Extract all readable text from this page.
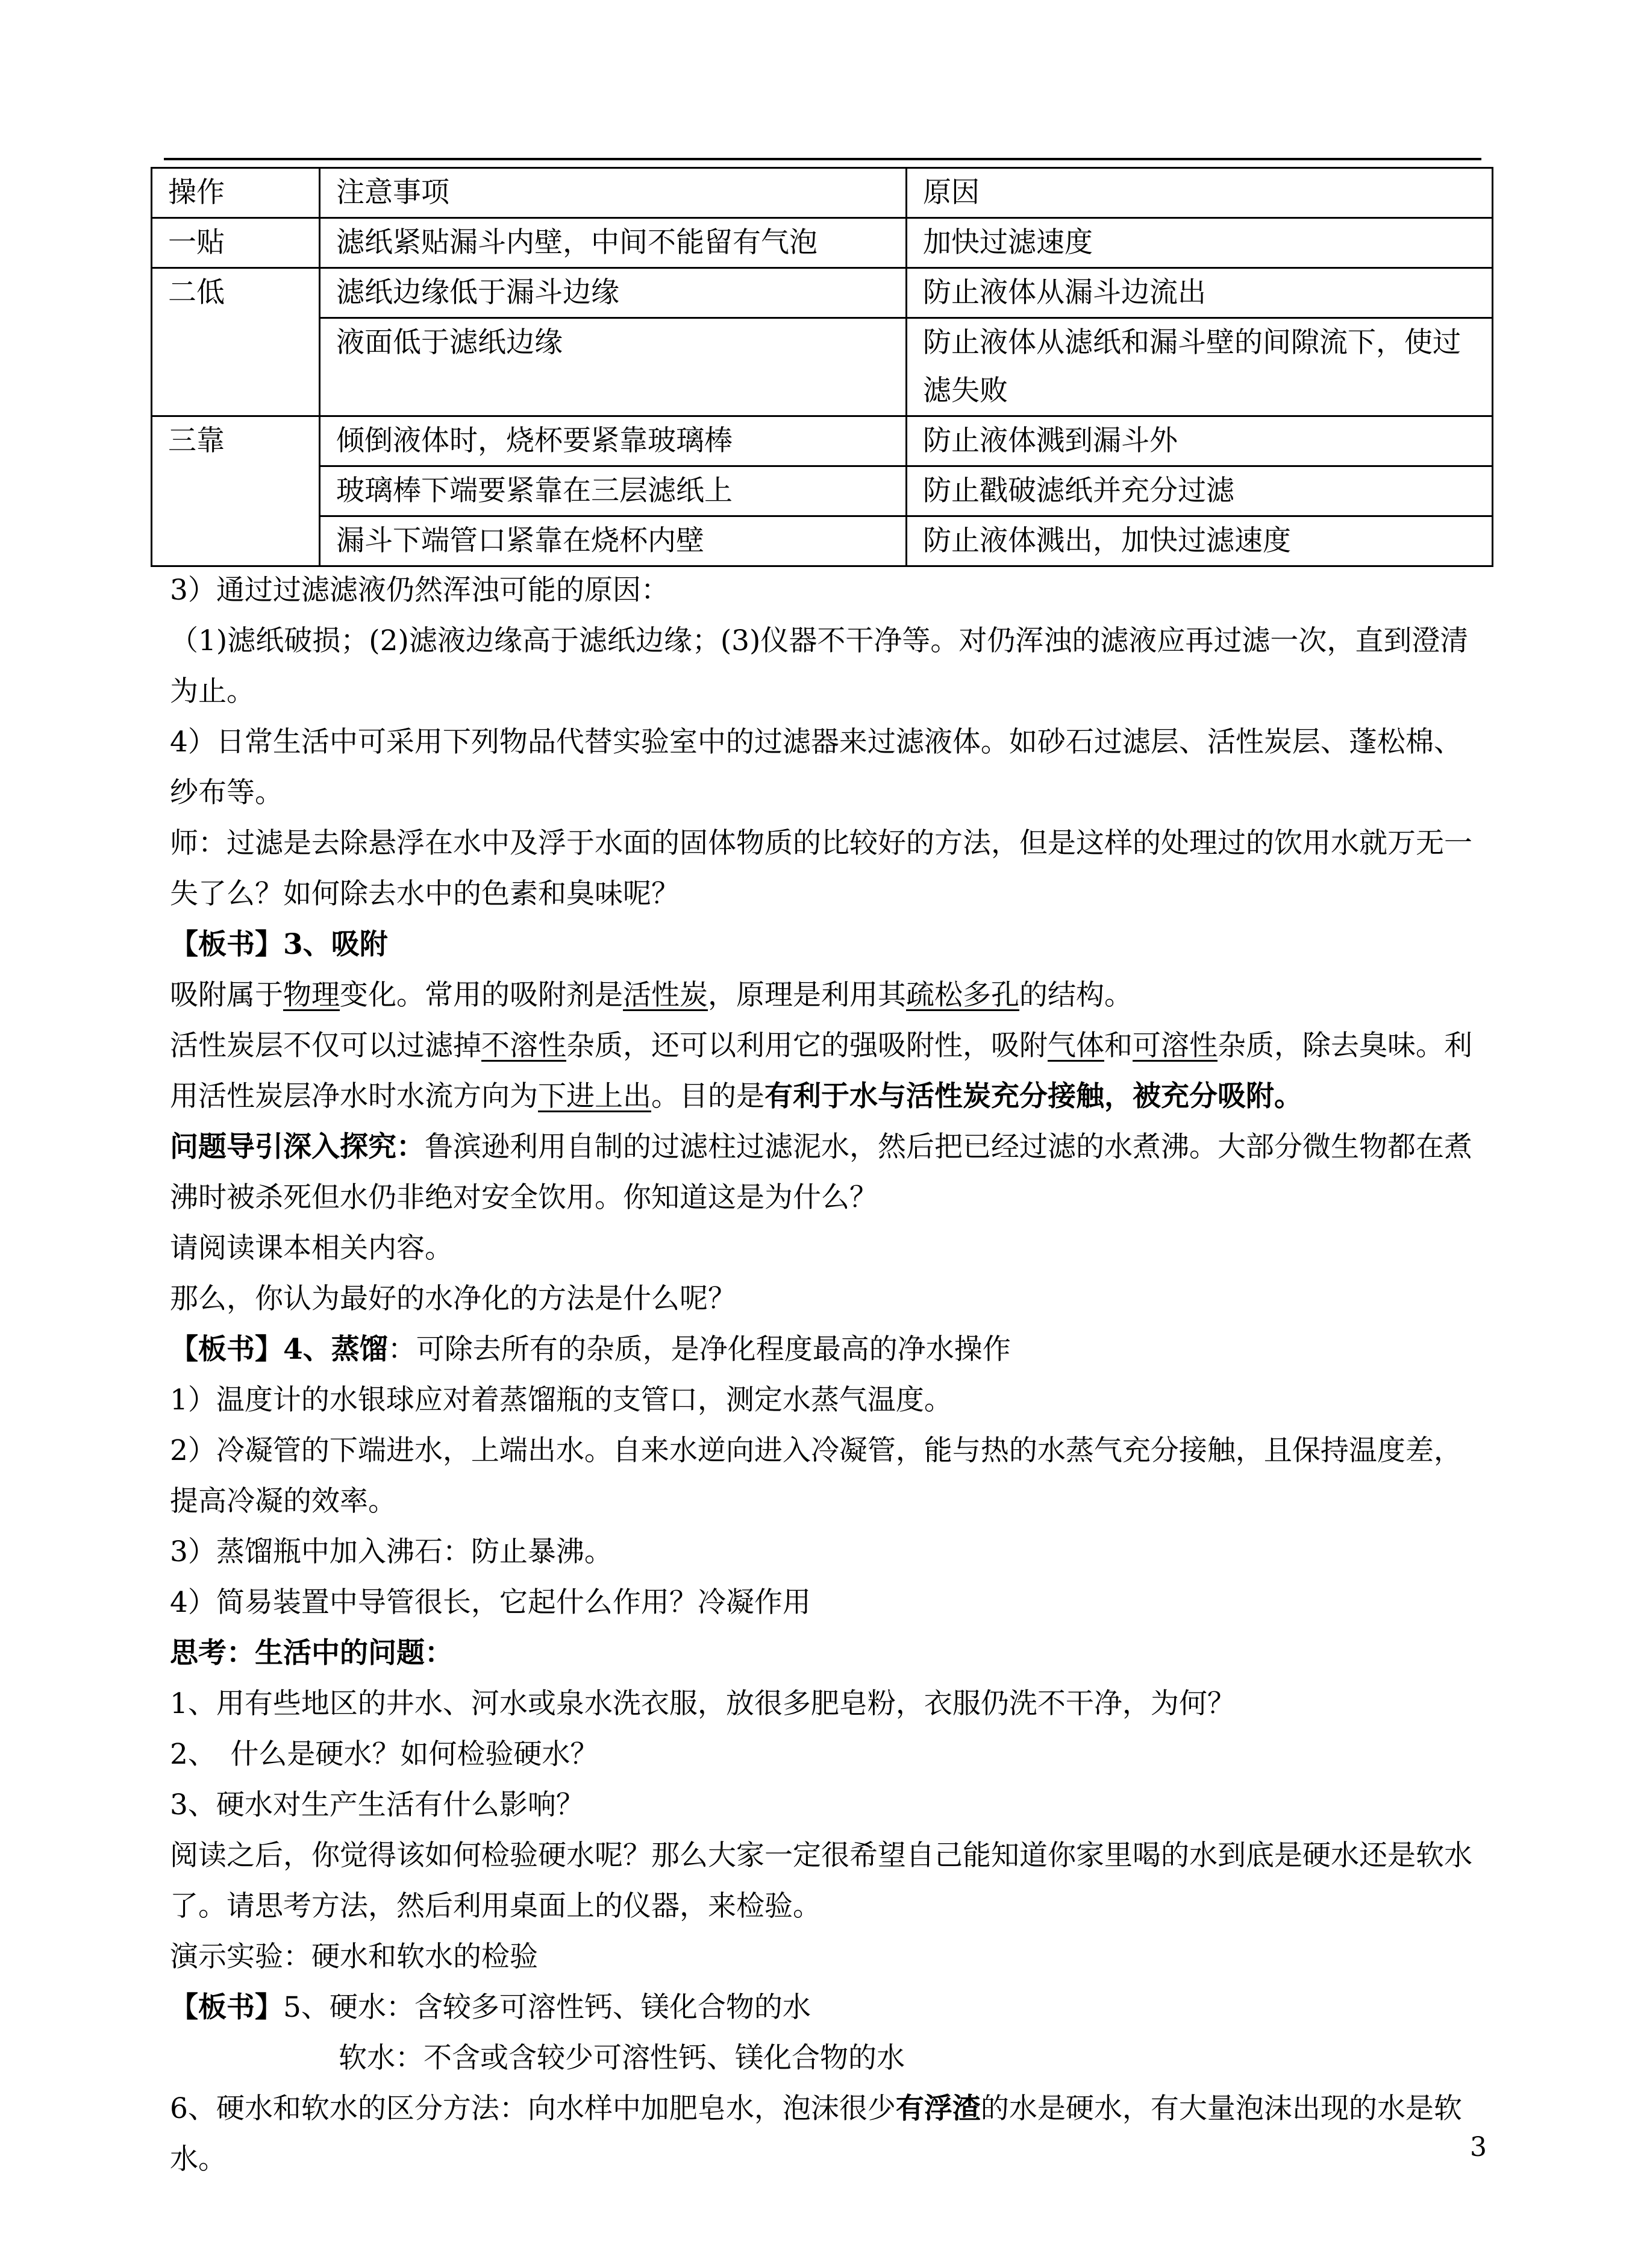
操作	注意事项	原因
一贴	滤纸紧贴漏斗内壁，中间不能留有气泡	加快过滤速度
二低	滤纸边缘低于漏斗边缘	防止液体从漏斗边流出
	液面低于滤纸边缘	防止液体从滤纸和漏斗壁的间隙流下，使过滤失败
三靠	倾倒液体时，烧杯要紧靠玻璃棒	防止液体溅到漏斗外
	玻璃棒下端要紧靠在三层滤纸上	防止戳破滤纸并充分过滤
	漏斗下端管口紧靠在烧杯内壁	防止液体溅出，加快过滤速度

3）通过过滤滤液仍然浑浊可能的原因：

（1)滤纸破损；(2)滤液边缘高于滤纸边缘；(3)仪器不干净等。对仍浑浊的滤液应再过滤一次，直到澄清为止。

4）日常生活中可采用下列物品代替实验室中的过滤器来过滤液体。如砂石过滤层、活性炭层、蓬松棉、纱布等。

师：过滤是去除悬浮在水中及浮于水面的固体物质的比较好的方法，但是这样的处理过的饮用水就万无一失了么？如何除去水中的色素和臭味呢？

【板书】3、吸附

吸附属于物理变化。常用的吸附剂是活性炭，原理是利用其疏松多孔的结构。

活性炭层不仅可以过滤掉不溶性杂质，还可以利用它的强吸附性，吸附气体和可溶性杂质，除去臭味。利用活性炭层净水时水流方向为下进上出。目的是有利于水与活性炭充分接触，被充分吸附。

问题导引深入探究：鲁滨逊利用自制的过滤柱过滤泥水，然后把已经过滤的水煮沸。大部分微生物都在煮沸时被杀死但水仍非绝对安全饮用。你知道这是为什么？

请阅读课本相关内容。

那么，你认为最好的水净化的方法是什么呢？

【板书】4、蒸馏：可除去所有的杂质，是净化程度最高的净水操作

1）温度计的水银球应对着蒸馏瓶的支管口，测定水蒸气温度。

2）冷凝管的下端进水，上端出水。自来水逆向进入冷凝管，能与热的水蒸气充分接触，且保持温度差，提高冷凝的效率。

3）蒸馏瓶中加入沸石：防止暴沸。

4）简易装置中导管很长，它起什么作用？冷凝作用

思考：生活中的问题：

1、用有些地区的井水、河水或泉水洗衣服，放很多肥皂粉，衣服仍洗不干净，为何？

2、　什么是硬水？如何检验硬水？

3、硬水对生产生活有什么影响？

阅读之后，你觉得该如何检验硬水呢？那么大家一定很希望自己能知道你家里喝的水到底是硬水还是软水了。请思考方法，然后利用桌面上的仪器，来检验。

演示实验：硬水和软水的检验

【板书】5、硬水：含较多可溶性钙、镁化合物的水

软水：不含或含较少可溶性钙、镁化合物的水

6、硬水和软水的区分方法：向水样中加肥皂水，泡沫很少有浮渣的水是硬水，有大量泡沫出现的水是软水。	3
